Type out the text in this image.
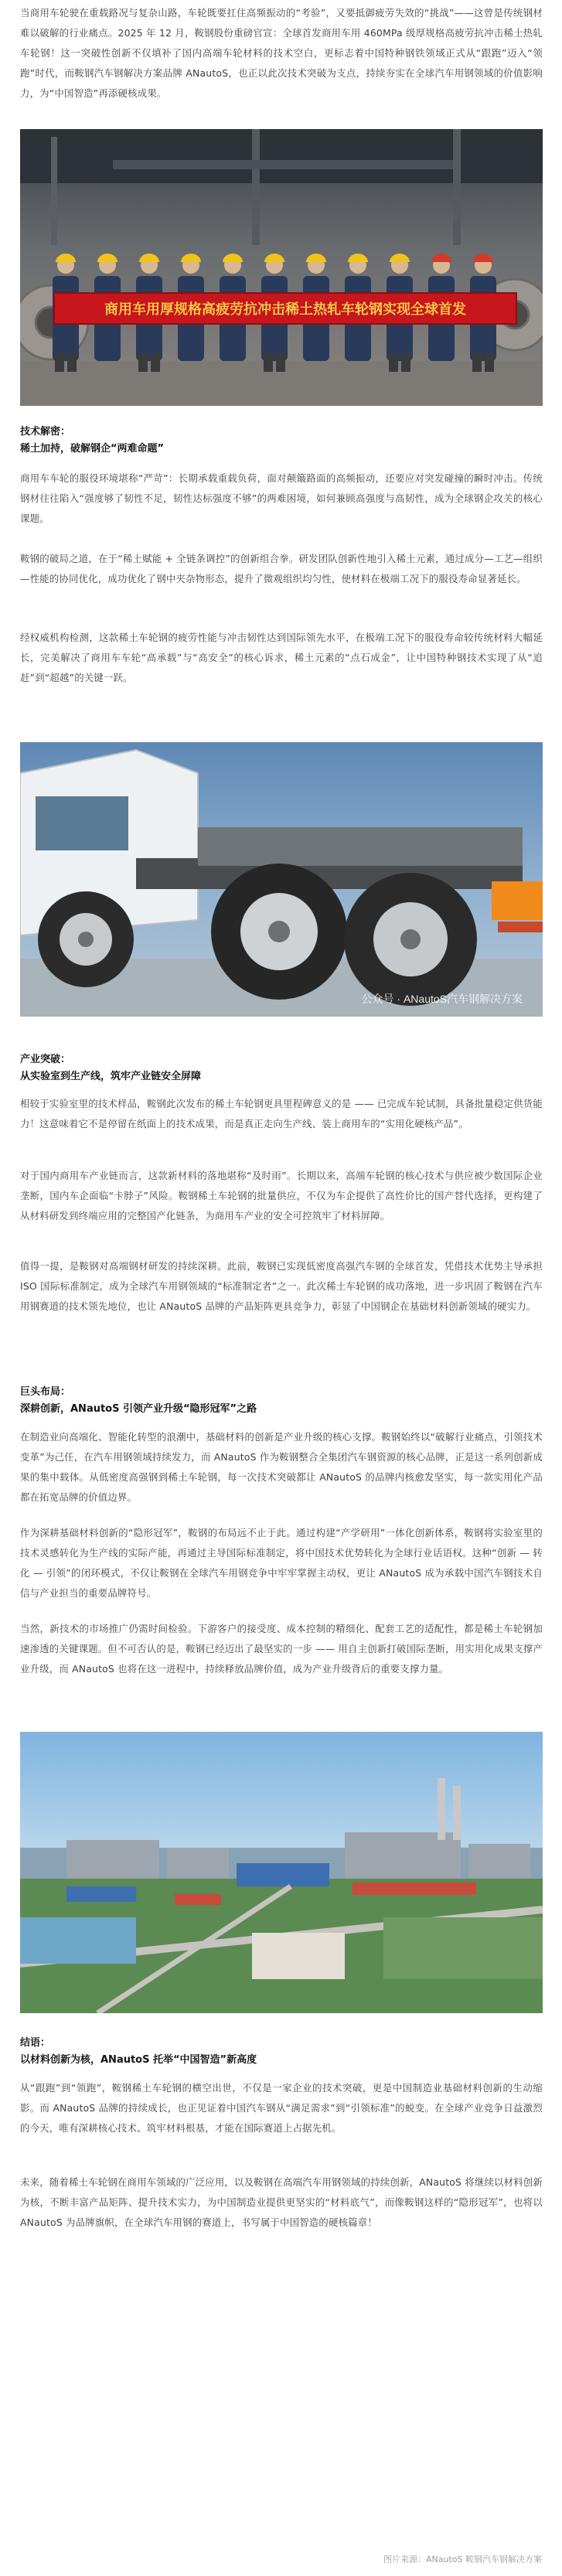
当商用车轮驶在重载路况与复杂山路，车轮既要扛住高频振动的“考验”，又要抵御疲劳失效的“挑战”——这曾是传统钢材难以破解的行业痛点。2025 年 12 月，鞍钢股份重磅官宣：全球首发商用车用 460MPa 级厚规格高疲劳抗冲击稀土热轧车轮钢！这一突破性创新不仅填补了国内高端车轮材料的技术空白，更标志着中国特种钢铁领域正式从“跟跑”迈入“领跑”时代，而鞍钢汽车钢解决方案品牌 ANautoS，也正以此次技术突破为支点，持续夯实在全球汽车用钢领域的价值影响力，为“中国智造”再添硬核成果。

商用车用厚规格高疲劳抗冲击稀土热轧车轮钢实现全球首发
技术解密：
稀土加持，破解钢企“两难命题”

商用车车轮的服役环境堪称“严苛”：长期承载重载负荷，面对颠簸路面的高频振动，还要应对突发碰撞的瞬时冲击。传统钢材往往陷入“强度够了韧性不足，韧性达标强度不够”的两难困境，如何兼顾高强度与高韧性，成为全球钢企攻关的核心课题。

鞍钢的破局之道，在于“稀土赋能 + 全链条调控”的创新组合拳。研发团队创新性地引入稀土元素，通过成分—工艺—组织—性能的协同优化，成功优化了钢中夹杂物形态，提升了微观组织均匀性，使材料在极端工况下的服役寿命显著延长。

经权威机构检测，这款稀土车轮钢的疲劳性能与冲击韧性达到国际领先水平，在极端工况下的服役寿命较传统材料大幅延长，完美解决了商用车车轮“高承载”与“高安全”的核心诉求，稀土元素的“点石成金”，让中国特种钢技术实现了从“追赶”到“超越”的关键一跃。

公众号 · ANautoS汽车钢解决方案
产业突破：
从实验室到生产线，筑牢产业链安全屏障

相较于实验室里的技术样品，鞍钢此次发布的稀土车轮钢更具里程碑意义的是 —— 已完成车轮试制，具备批量稳定供货能力！这意味着它不是停留在纸面上的技术成果，而是真正走向生产线、装上商用车的“实用化硬核产品”。

对于国内商用车产业链而言，这款新材料的落地堪称“及时雨”。长期以来，高端车轮钢的核心技术与供应被少数国际企业垄断，国内车企面临“卡脖子”风险。鞍钢稀土车轮钢的批量供应，不仅为车企提供了高性价比的国产替代选择，更构建了从材料研发到终端应用的完整国产化链条，为商用车产业的安全可控筑牢了材料屏障。

值得一提，是鞍钢对高端钢材研发的持续深耕。此前，鞍钢已实现低密度高强汽车钢的全球首发，凭借技术优势主导承担 ISO 国际标准制定，成为全球汽车用钢领域的“标准制定者”之一。此次稀土车轮钢的成功落地，进一步巩固了鞍钢在汽车用钢赛道的技术领先地位，也让 ANautoS 品牌的产品矩阵更具竞争力，彰显了中国钢企在基础材料创新领域的硬实力。

巨头布局：
深耕创新，ANautoS 引领产业升级“隐形冠军”之路

在制造业向高端化、智能化转型的浪潮中，基础材料的创新是产业升级的核心支撑。鞍钢始终以“破解行业痛点，引领技术变革”为己任，在汽车用钢领域持续发力，而 ANautoS 作为鞍钢整合全集团汽车钢资源的核心品牌，正是这一系列创新成果的集中载体。从低密度高强钢到稀土车轮钢，每一次技术突破都让 ANautoS 的品牌内核愈发坚实，每一款实用化产品都在拓宽品牌的价值边界。

作为深耕基础材料创新的“隐形冠军”，鞍钢的布局远不止于此。通过构建“产学研用”一体化创新体系，鞍钢将实验室里的技术灵感转化为生产线的实际产能，再通过主导国际标准制定，将中国技术优势转化为全球行业话语权。这种“创新 — 转化 — 引领”的闭环模式，不仅让鞍钢在全球汽车用钢竞争中牢牢掌握主动权，更让 ANautoS 成为承载中国汽车钢技术自信与产业担当的重要品牌符号。

当然，新技术的市场推广仍需时间检验。下游客户的接受度、成本控制的精细化、配套工艺的适配性，都是稀土车轮钢加速渗透的关键课题。但不可否认的是，鞍钢已经迈出了最坚实的一步 —— 用自主创新打破国际垄断，用实用化成果支撑产业升级，而 ANautoS 也将在这一进程中，持续释放品牌价值，成为产业升级背后的重要支撑力量。

结语：
以材料创新为核，ANautoS 托举“中国智造”新高度

从“跟跑”到“领跑”，鞍钢稀土车轮钢的横空出世，不仅是一家企业的技术突破，更是中国制造业基础材料创新的生动缩影。而 ANautoS 品牌的持续成长，也正见证着中国汽车钢从“满足需求”到“引领标准”的蜕变。在全球产业竞争日益激烈的今天，唯有深耕核心技术、筑牢材料根基，才能在国际赛道上占据先机。

未来，随着稀土车轮钢在商用车领域的广泛应用，以及鞍钢在高端汽车用钢领域的持续创新，ANautoS 将继续以材料创新为核，不断丰富产品矩阵、提升技术实力，为中国制造业提供更坚实的“材料底气”，而像鞍钢这样的“隐形冠军”，也将以 ANautoS 为品牌旗帜，在全球汽车用钢的赛道上，书写属于中国智造的硬核篇章！

图片来源：ANautoS 鞍钢汽车钢解决方案
